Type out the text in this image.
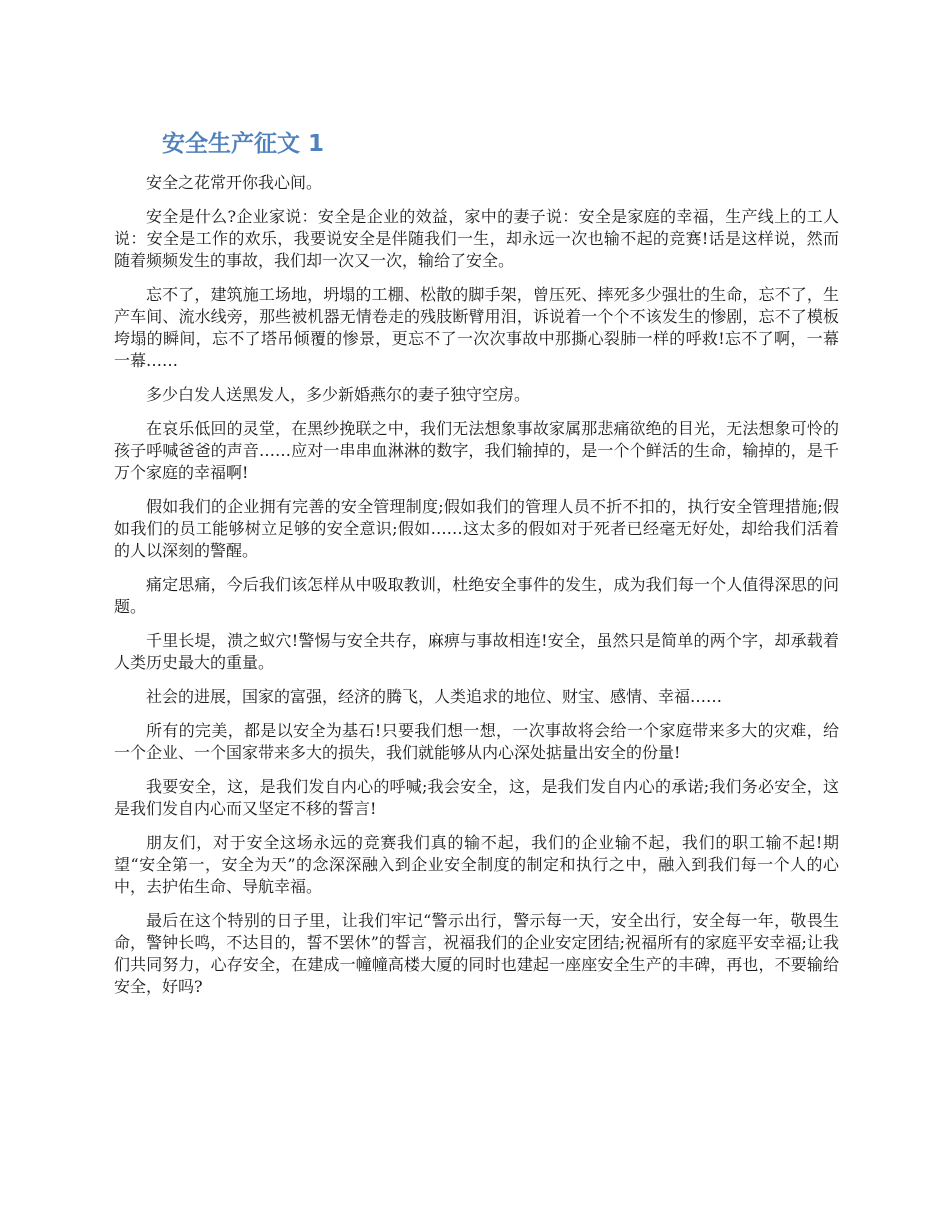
安全生产征文 1

安全之花常开你我心间。

安全是什么?企业家说：安全是企业的效益，家中的妻子说：安全是家庭的幸福，生产线上的工人说：安全是工作的欢乐，我要说安全是伴随我们一生，却永远一次也输不起的竞赛!话是这样说，然而随着频频发生的事故，我们却一次又一次，输给了安全。

忘不了，建筑施工场地，坍塌的工棚、松散的脚手架，曾压死、摔死多少强壮的生命，忘不了，生产车间、流水线旁，那些被机器无情卷走的残肢断臂用泪，诉说着一个个不该发生的惨剧，忘不了模板垮塌的瞬间，忘不了塔吊倾覆的惨景，更忘不了一次次事故中那撕心裂肺一样的呼救!忘不了啊，一幕一幕……

多少白发人送黑发人，多少新婚燕尔的妻子独守空房。

在哀乐低回的灵堂，在黑纱挽联之中，我们无法想象事故家属那悲痛欲绝的目光，无法想象可怜的孩子呼喊爸爸的声音……应对一串串血淋淋的数字，我们输掉的，是一个个鲜活的生命，输掉的，是千万个家庭的幸福啊!

假如我们的企业拥有完善的安全管理制度;假如我们的管理人员不折不扣的，执行安全管理措施;假如我们的员工能够树立足够的安全意识;假如……这太多的假如对于死者已经毫无好处，却给我们活着的人以深刻的警醒。

痛定思痛，今后我们该怎样从中吸取教训，杜绝安全事件的发生，成为我们每一个人值得深思的问题。

千里长堤，溃之蚁穴!警惕与安全共存，麻痹与事故相连!安全，虽然只是简单的两个字，却承载着人类历史最大的重量。

社会的进展，国家的富强，经济的腾飞，人类追求的地位、财宝、感情、幸福……

所有的完美，都是以安全为基石!只要我们想一想，一次事故将会给一个家庭带来多大的灾难，给一个企业、一个国家带来多大的损失，我们就能够从内心深处掂量出安全的份量!

我要安全，这，是我们发自内心的呼喊;我会安全，这，是我们发自内心的承诺;我们务必安全，这是我们发自内心而又坚定不移的誓言!

朋友们，对于安全这场永远的竞赛我们真的输不起，我们的企业输不起，我们的职工输不起!期望“安全第一，安全为天”的念深深融入到企业安全制度的制定和执行之中，融入到我们每一个人的心中，去护佑生命、导航幸福。

最后在这个特别的日子里，让我们牢记“警示出行，警示每一天，安全出行，安全每一年，敬畏生命，警钟长鸣，不达目的，誓不罢休”的誓言，祝福我们的企业安定团结;祝福所有的家庭平安幸福;让我们共同努力，心存安全，在建成一幢幢高楼大厦的同时也建起一座座安全生产的丰碑，再也，不要输给安全，好吗?
